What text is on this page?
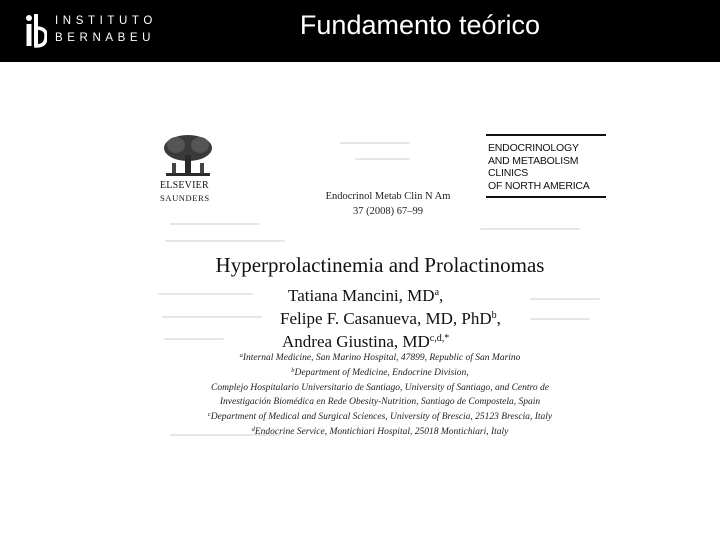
INSTITUTO
BERNABEU	Fundamento teórico
ELSEVIER
SAUNDERS	Endocrinol Metab Clin N Am
37 (2008) 67–99
ENDOCRINOLOGY
AND METABOLISM
CLINICS
OF NORTH AMERICA
Hyperprolactinemia and Prolactinomas
Tatiana Mancini, $MD^a$,
Felipe F. Casanueva, MD, PhD$^b$,
Andrea Giustina, $MD^{c,d,*}$
$^a$Internal Medicine, San Marino Hospital, 47899, Republic of San Marino
$^b$Department of Medicine, Endocrine Division,
Complejo Hospitalario Universitario de Santiago, University of Santiago, and Centro de
Investigación Biomédica en Rede Obesity-Nutrition, Santiago de Compostela, Spain
$^c$Department of Medical and Surgical Sciences, University of Brescia, 25123 Brescia, Italy
$^d$Endocrine Service, Montichiari Hospital, 25018 Montichiari, Italy
